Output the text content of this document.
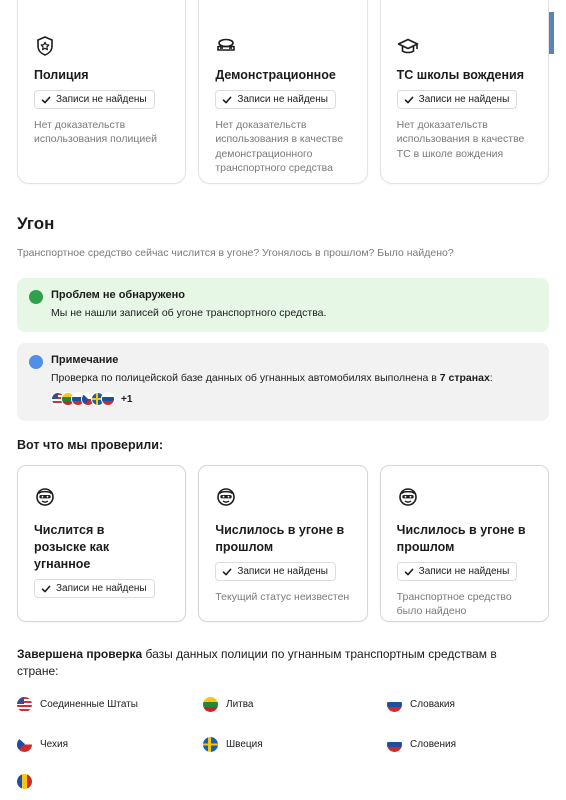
Полиция
Записи не найдены
Нет доказательств использования полицией
Демонстрационное
Записи не найдены
Нет доказательств использования в качестве демонстрационного транспортного средства
ТС школы вождения
Записи не найдены
Нет доказательств использования в качестве ТС в школе вождения
Угон
Транспортное средство сейчас числится в угоне? Угонялось в прошлом? Было найдено?
Проблем не обнаружено
Мы не нашли записей об угоне транспортного средства.
Примечание
Проверка по полицейской базе данных об угнанных автомобилях выполнена в 7 странах:
+1
Вот что мы проверили:
Числится в розыске как угнанное
Записи не найдены
Числилось в угоне в прошлом
Записи не найдены
Текущий статус неизвестен
Числилось в угоне в прошлом
Записи не найдены
Транспортное средство было найдено
Завершена проверка базы данных полиции по угнанным транспортным средствам в стране:
Соединенные Штаты	Литва	Словакия
Чехия	Швеция	Словения
